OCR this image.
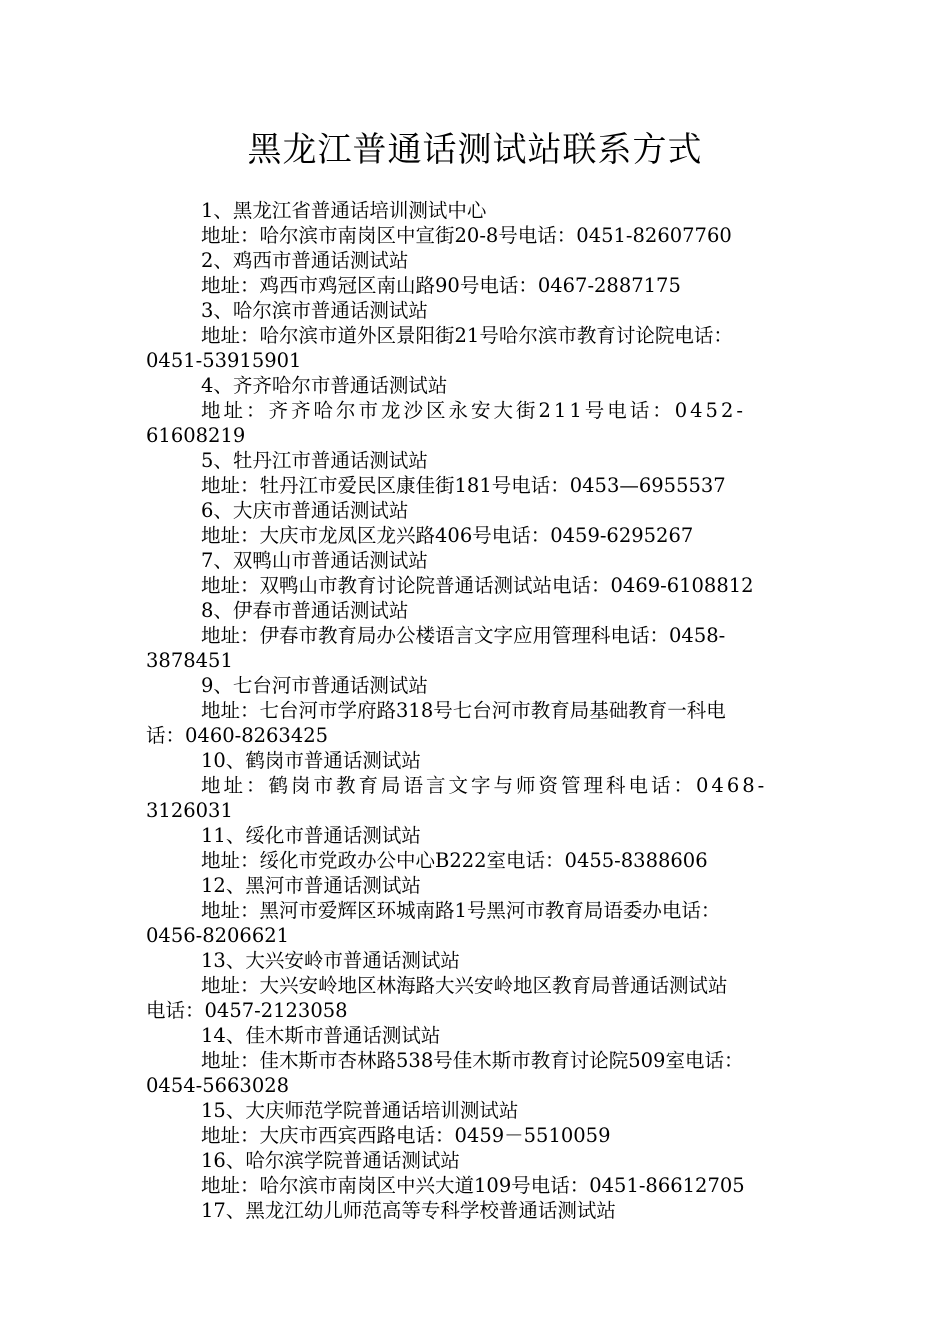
黑龙江普通话测试站联系方式
1、黑龙江省普通话培训测试中心
地址：哈尔滨市南岗区中宣街20-8号电话：0451-82607760
2、鸡西市普通话测试站
地址：鸡西市鸡冠区南山路90号电话：0467-2887175
3、哈尔滨市普通话测试站
地址：哈尔滨市道外区景阳街21号哈尔滨市教育讨论院电话：
0451-53915901
4、齐齐哈尔市普通话测试站
地址：齐齐哈尔市龙沙区永安大街211号电话：0452-
61608219
5、牡丹江市普通话测试站
地址：牡丹江市爱民区康佳街181号电话：0453—6955537
6、大庆市普通话测试站
地址：大庆市龙凤区龙兴路406号电话：0459-6295267
7、双鸭山市普通话测试站
地址：双鸭山市教育讨论院普通话测试站电话：0469-6108812
8、伊春市普通话测试站
地址：伊春市教育局办公楼语言文字应用管理科电话：0458-
3878451
9、七台河市普通话测试站
地址：七台河市学府路318号七台河市教育局基础教育一科电
话：0460-8263425
10、鹤岗市普通话测试站
地址：鹤岗市教育局语言文字与师资管理科电话：0468-
3126031
11、绥化市普通话测试站
地址：绥化市党政办公中心B222室电话：0455-8388606
12、黑河市普通话测试站
地址：黑河市爱辉区环城南路1号黑河市教育局语委办电话：
0456-8206621
13、大兴安岭市普通话测试站
地址：大兴安岭地区林海路大兴安岭地区教育局普通话测试站
电话：0457-2123058
14、佳木斯市普通话测试站
地址：佳木斯市杏林路538号佳木斯市教育讨论院509室电话：
0454-5663028
15、大庆师范学院普通话培训测试站
地址：大庆市西宾西路电话：0459－5510059
16、哈尔滨学院普通话测试站
地址：哈尔滨市南岗区中兴大道109号电话：0451-86612705
17、黑龙江幼儿师范高等专科学校普通话测试站
